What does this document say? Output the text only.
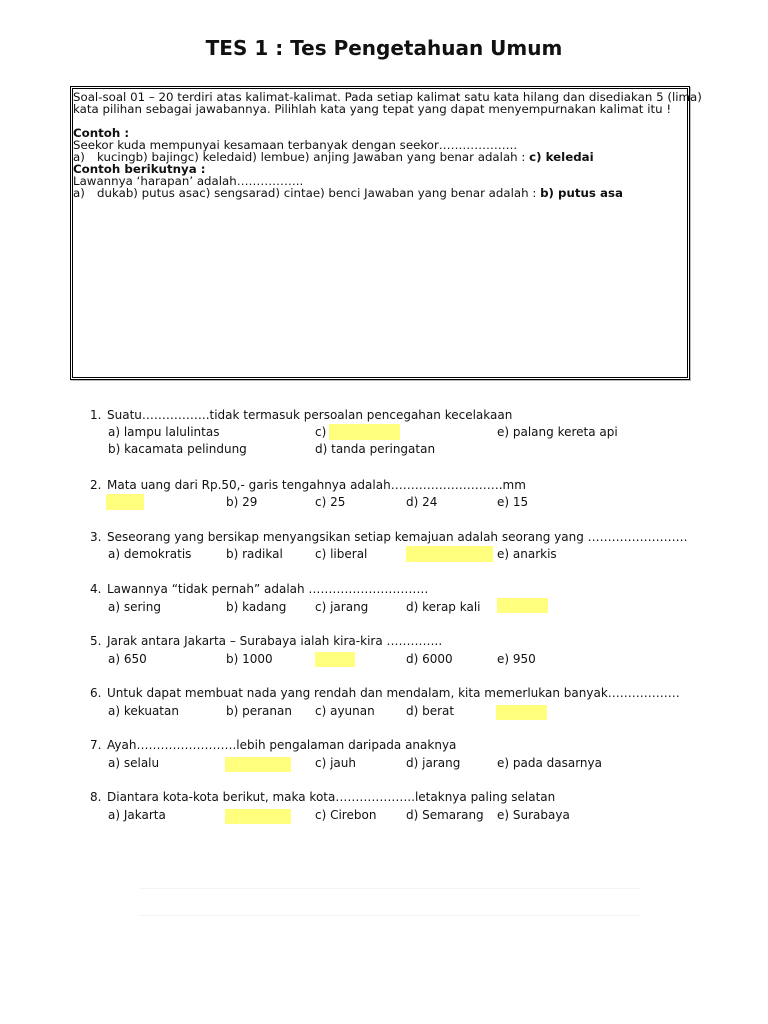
TES 1 : Tes Pengetahuan Umum
Soal-soal 01 – 20 terdiri atas kalimat-kalimat. Pada setiap kalimat satu kata hilang dan disediakan 5 (lima)
kata pilihan sebagai jawabannya. Pilihlah kata yang tepat yang dapat menyempurnakan kalimat itu !
Contoh :
Seekor kuda mempunyai kesamaan terbanyak dengan seekor………………..
a) kucingb) bajingc) keledaid) lembue) anjing Jawaban yang benar adalah : c) keledai
Contoh berikutnya :
Lawannya ‘harapan’ adalah……………..
a) dukab) putus asac) sengsarad) cintae) benci Jawaban yang benar adalah : b) putus asa
1. Suatu……………..tidak termasuk persoalan pencegahan kecelakaan
a) lampu lalulintas	c)	e) palang kereta api
b) kacamata pelindung	d) tanda peringatan
2. Mata uang dari Rp.50,- garis tengahnya adalah……………………….mm
b) 29	c) 25	d) 24	e) 15
3. Seseorang yang bersikap menyangsikan setiap kemajuan adalah seorang yang …………………….
a) demokratis	b) radikal	c) liberal	e) anarkis
4. Lawannya “tidak pernah” adalah …………………………
a) sering	b) kadang c) jarang	d) kerap kali
5. Jarak antara Jakarta – Surabaya ialah kira-kira …………..
a) 650	b) 1000	d) 6000	e) 950
6. Untuk dapat membuat nada yang rendah dan mendalam, kita memerlukan banyak………………
a) kekuatan	b) peranan c) ayunan	d) berat
7. Ayah…………………….lebih pengalaman daripada anaknya
a) selalu	c) jauh	d) jarang	e) pada dasarnya
8. Diantara kota-kota berikut, maka kota………………..letaknya paling selatan
a) Jakarta	c) Cirebon d) Semarang e) Surabaya
